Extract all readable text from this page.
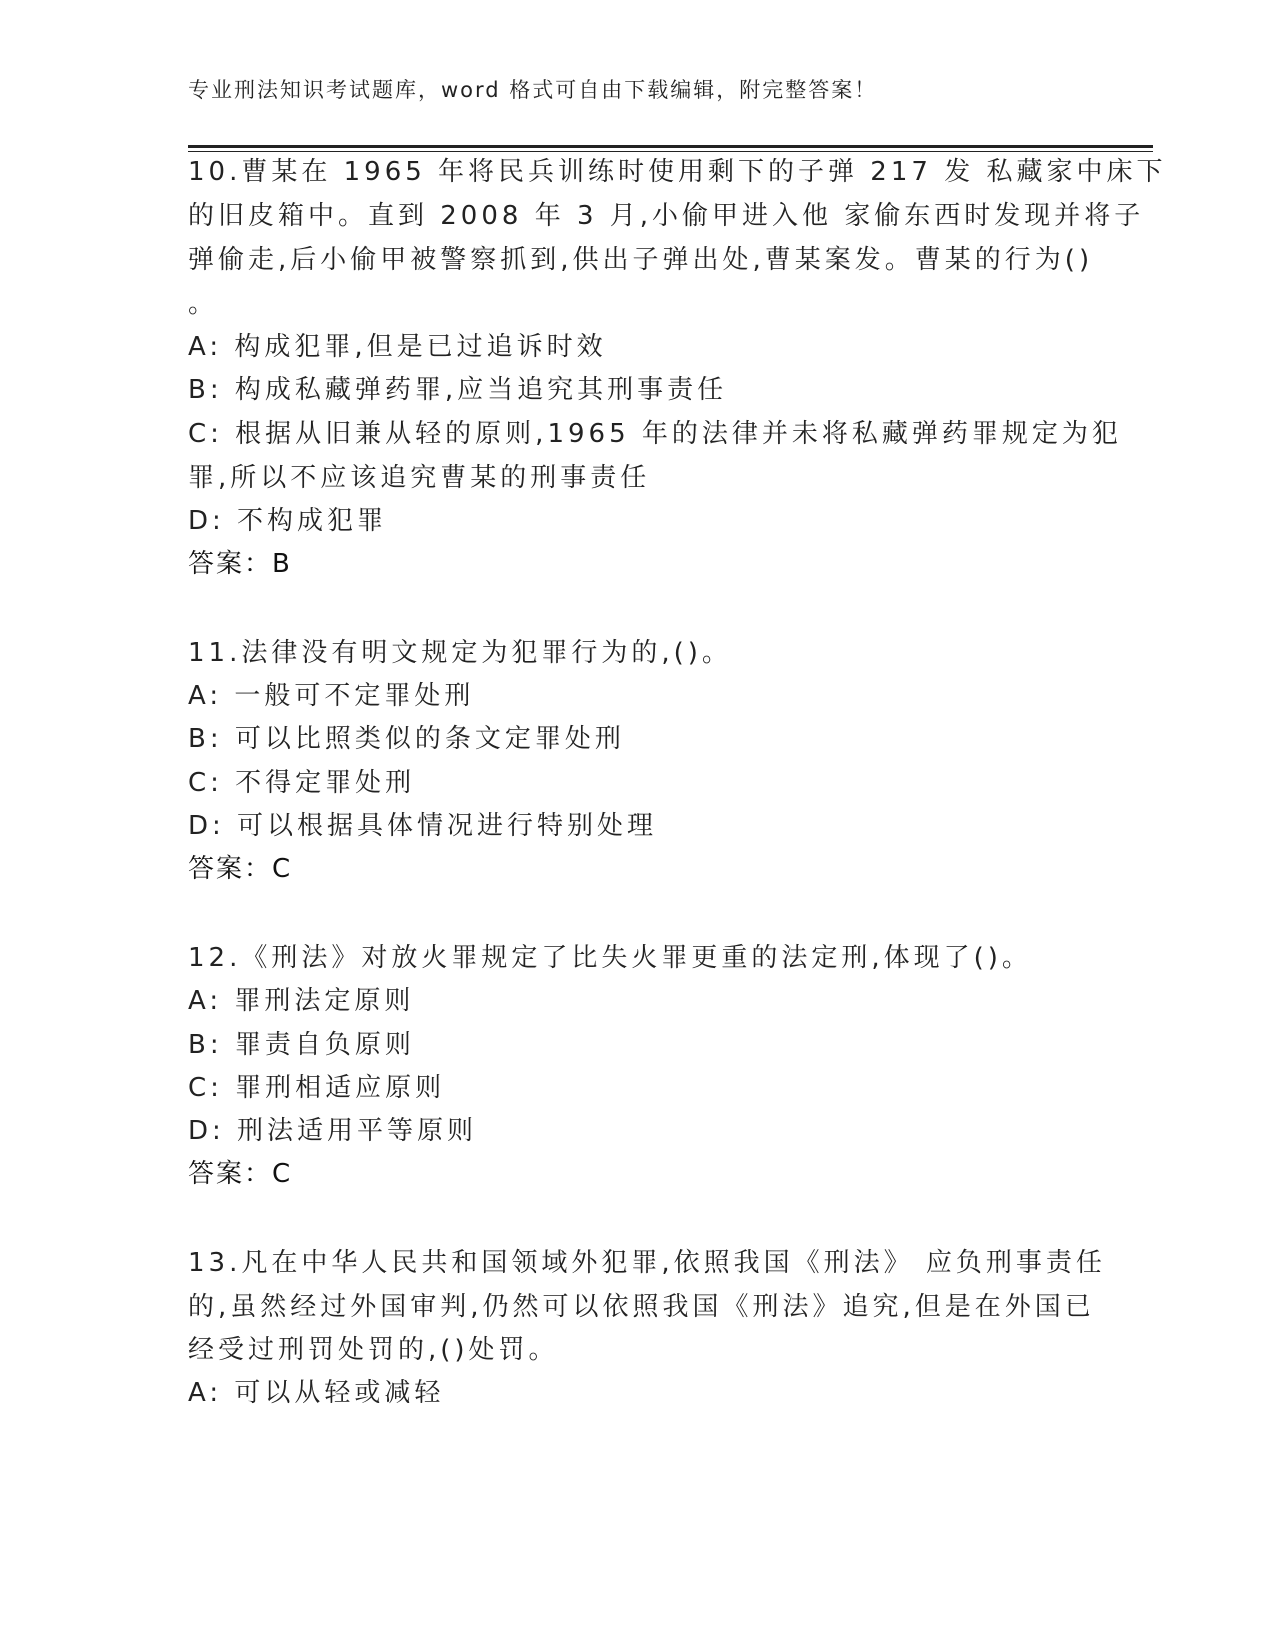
专业刑法知识考试题库，word 格式可自由下载编辑，附完整答案！
10.曹某在 1965 年将民兵训练时使用剩下的子弹 217 发 私藏家中床下
的旧皮箱中。直到 2008 年 3 月,小偷甲进入他 家偷东西时发现并将子
弹偷走,后小偷甲被警察抓到,供出子弹出处,曹某案发。曹某的行为()
。
A: 构成犯罪,但是已过追诉时效
B: 构成私藏弹药罪,应当追究其刑事责任
C: 根据从旧兼从轻的原则,1965 年的法律并未将私藏弹药罪规定为犯
罪,所以不应该追究曹某的刑事责任
D: 不构成犯罪
答案：B
11.法律没有明文规定为犯罪行为的,()。
A: 一般可不定罪处刑
B: 可以比照类似的条文定罪处刑
C: 不得定罪处刑
D: 可以根据具体情况进行特别处理
答案：C
12.《刑法》对放火罪规定了比失火罪更重的法定刑,体现了()。
A: 罪刑法定原则
B: 罪责自负原则
C: 罪刑相适应原则
D: 刑法适用平等原则
答案：C
13.凡在中华人民共和国领域外犯罪,依照我国《刑法》 应负刑事责任
的,虽然经过外国审判,仍然可以依照我国《刑法》追究,但是在外国已
经受过刑罚处罚的,()处罚。
A: 可以从轻或减轻
